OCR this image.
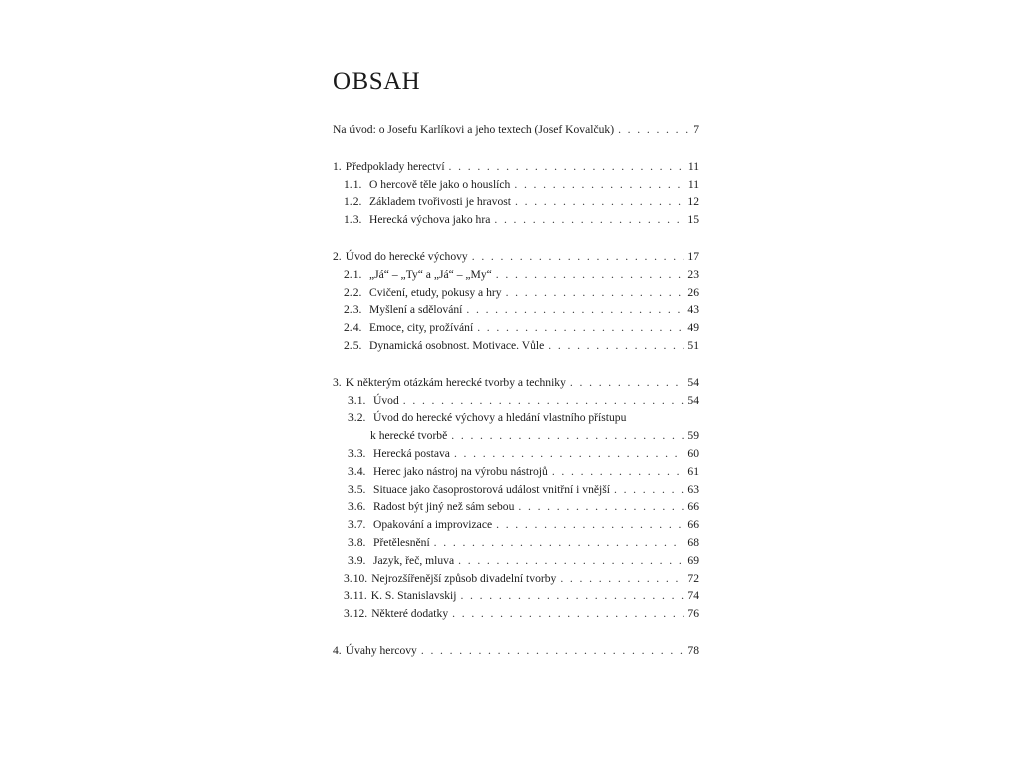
OBSAH
Na úvod: o Josefu Karlíkovi a jeho textech (Josef Kovalčuk) . . .	7
1. Předpoklady herectví . . .	11
1.1. O hercově těle jako o houslích . . .	11
1.2. Základem tvořivosti je hravost . . .	12
1.3. Herecká výchova jako hra . . .	15
2. Úvod do herecké výchovy . . .	17
2.1. „Já“ – „Ty“ a „Já“ – „My“ . . .	23
2.2. Cvičení, etudy, pokusy a hry . . .	26
2.3. Myšlení a sdělování . . .	43
2.4. Emoce, city, prožívání . . .	49
2.5. Dynamická osobnost. Motivace. Vůle . . .	51
3. K některým otázkám herecké tvorby a techniky . . .	54
3.1. Úvod . . .	54
3.2. Úvod do herecké výchovy a hledání vlastního přístupu
k herecké tvorbě . . .	59
3.3. Herecká postava . . .	60
3.4. Herec jako nástroj na výrobu nástrojů . . .	61
3.5. Situace jako časoprostorová událost vnitřní i vnější . . .	63
3.6. Radost být jiný než sám sebou . . .	66
3.7. Opakování a improvizace . . .	66
3.8. Přetělesnění . . .	68
3.9. Jazyk, řeč, mluva . . .	69
3.10. Nejrozšířenější způsob divadelní tvorby . . .	72
3.11. K. S. Stanislavskij . . .	74
3.12. Některé dodatky . . .	76
4. Úvahy hercovy . . .	78
